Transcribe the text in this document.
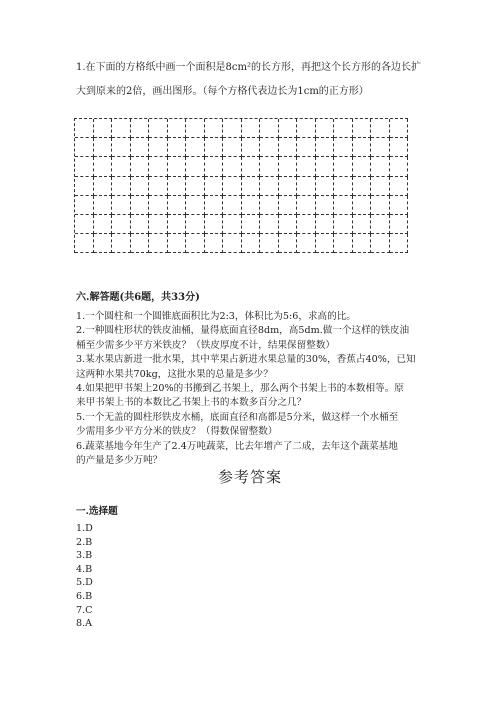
1.在下面的方格纸中画一个面积是8cm²的长方形，再把这个长方形的各边长扩

大到原来的2倍，画出图形。（每个方格代表边长为1cm的正方形）

六.解答题(共6题，共33分)

1.一个圆柱和一个圆锥底面积比为2:3，体积比为5:6，求高的比。

2.一种圆柱形状的铁皮油桶，量得底面直径8dm，高5dm.做一个这样的铁皮油

桶至少需多少平方米铁皮？（铁皮厚度不计，结果保留整数）

3.某水果店新进一批水果，其中苹果占新进水果总量的30%，香蕉占40%，已知

这两种水果共70kg，这批水果的总量是多少？

4.如果把甲书架上20%的书搬到乙书架上，那么两个书架上书的本数相等。原

来甲书架上书的本数比乙书架上书的本数多百分之几？

5.一个无盖的圆柱形铁皮水桶，底面直径和高都是5分米，做这样一个水桶至

少需用多少平方分米的铁皮？（得数保留整数）

6.蔬菜基地今年生产了2.4万吨蔬菜，比去年增产了二成，去年这个蔬菜基地

的产量是多少万吨？

参考答案
一.选择题
1.D
2.B
3.B
4.B
5.D
6.B
7.C
8.A
